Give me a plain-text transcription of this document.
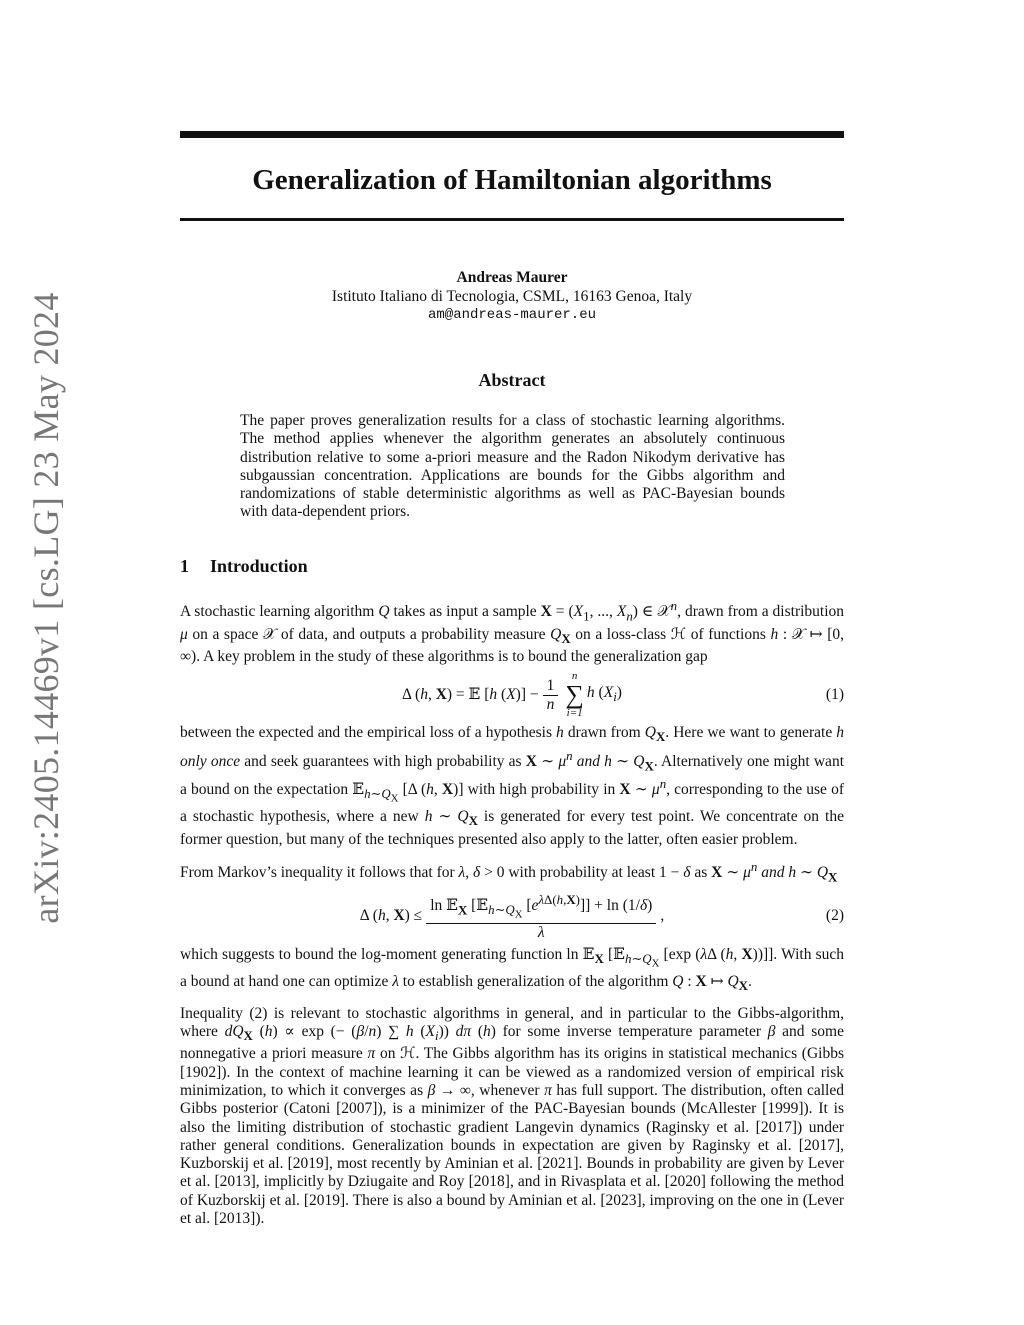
arXiv:2405.14469v1 [cs.LG] 23 May 2024
Generalization of Hamiltonian algorithms
Andreas Maurer
Istituto Italiano di Tecnologia, CSML, 16163 Genoa, Italy
am@andreas-maurer.eu
Abstract

The paper proves generalization results for a class of stochastic learning algorithms. The method applies whenever the algorithm generates an absolutely continuous distribution relative to some a-priori measure and the Radon Nikodym derivative has subgaussian concentration. Applications are bounds for the Gibbs algorithm and randomizations of stable deterministic algorithms as well as PAC-Bayesian bounds with data-dependent priors.

1 Introduction

A stochastic learning algorithm Q takes as input a sample $X = (X_1$, ..., $X_n$) ∈ 𝒳$^n$, drawn from a distribution μ on a space 𝒳 of data, and outputs a probability measure $Q_X$ on a loss-class ℋ of functions h : 𝒳 ↦ [0, ∞). A key problem in the study of these algorithms is to bound the generalization gap

Δ (h, X) = 𝔼 [h $(X)] - \frac{1}{n}$
n
∑
i=1
h $(X_i)$	(1)

between the expected and the empirical loss of a hypothesis h drawn from $Q_X$. Here we want to generate h only once and seek guarantees with high probability as X ∼ $\mu^n$ and h ∼ $Q_X$. Alternatively one might want a bound on the expectation 𝔼$_{h\sim Q_X}$ [Δ (h, X)] with high probability in X ∼ $\mu^n$, corresponding to the use of a stochastic hypothesis, where a new h ∼ $Q_X$ is generated for every test point. We concentrate on the former question, but many of the techniques presented also apply to the latter, often easier problem.

From Markov’s inequality it follows that for λ, δ > 0 with probability at least 1 − δ as X ∼ $\mu^n$ and h ∼ $Q_X$

Δ (h, $X) \le \frac{\ln 𝔼_X [𝔼_{h\sim Q_X} [e^{\lambda\Delta(h,X)}]] + \ln (1/\delta)}{\lambda}$ ,	(2)

which suggests to bound the log-moment generating function ln 𝔼$_X$ [𝔼$_{h\sim Q_X}$ [exp (λΔ (h, X))]]. With such a bound at hand one can optimize λ to establish generalization of the algorithm Q : X ↦ $Q_X$.

Inequality (2) is relevant to stochastic algorithms in general, and in particular to the Gibbs-algorithm, where $dQ_X$ (h) ∝ exp (− (β/n) ∑ h $(X_i)$) dπ (h) for some inverse temperature parameter β and some nonnegative a priori measure π on ℋ. The Gibbs algorithm has its origins in statistical mechanics (Gibbs [1902]). In the context of machine learning it can be viewed as a randomized version of empirical risk minimization, to which it converges as β → ∞, whenever π has full support. The distribution, often called Gibbs posterior (Catoni [2007]), is a minimizer of the PAC-Bayesian bounds (McAllester [1999]). It is also the limiting distribution of stochastic gradient Langevin dynamics (Raginsky et al. [2017]) under rather general conditions. Generalization bounds in expectation are given by Raginsky et al. [2017], Kuzborskij et al. [2019], most recently by Aminian et al. [2021]. Bounds in probability are given by Lever et al. [2013], implicitly by Dziugaite and Roy [2018], and in Rivasplata et al. [2020] following the method of Kuzborskij et al. [2019]. There is also a bound by Aminian et al. [2023], improving on the one in (Lever et al. [2013]).
